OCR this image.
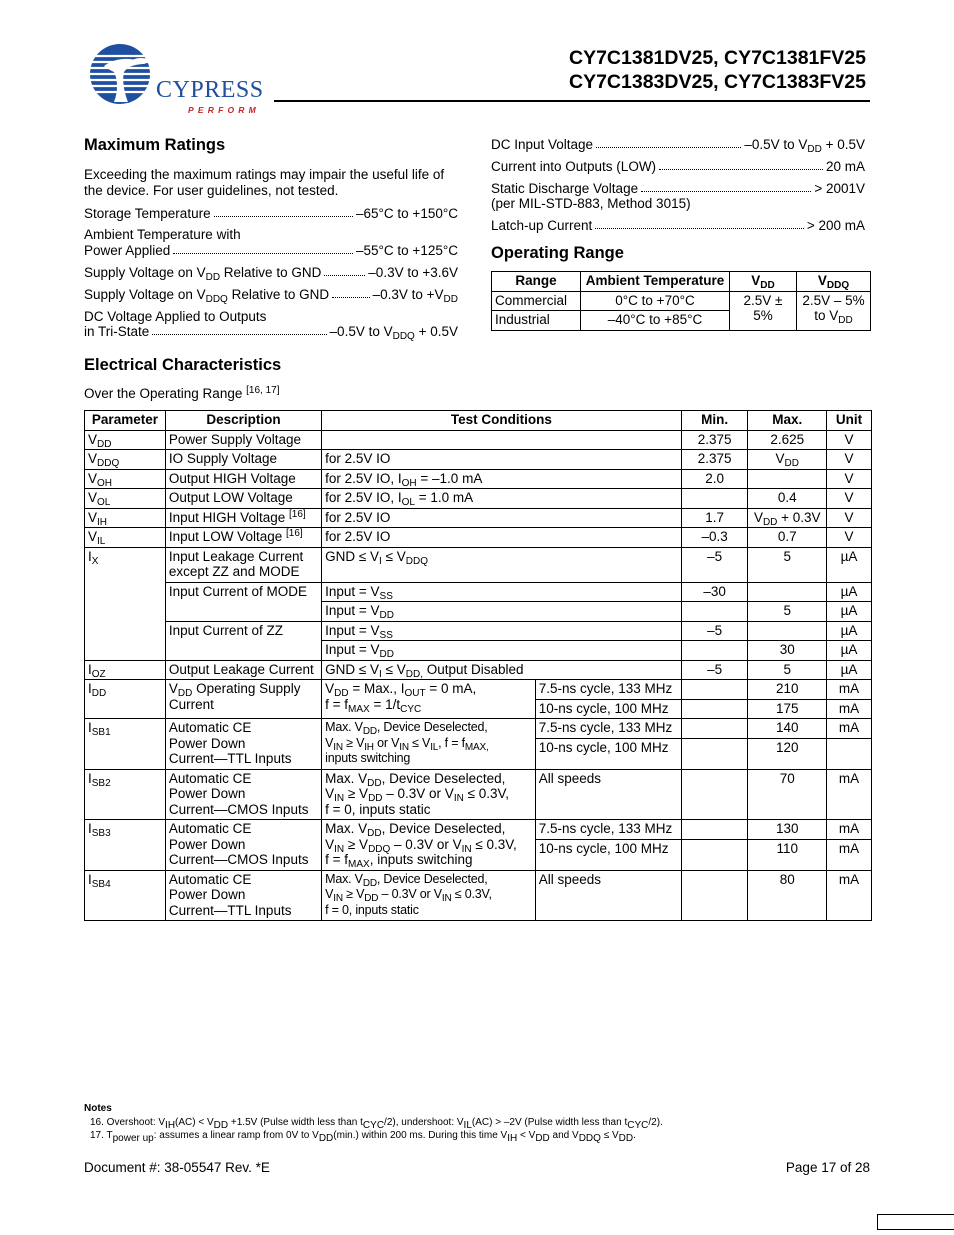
CYPRESS
PERFORM
CY7C1381DV25, CY7C1381FV25
CY7C1383DV25, CY7C1383FV25
Maximum Ratings
Exceeding the maximum ratings may impair the useful life of the device. For user guidelines, not tested.
Storage Temperature	–65°C to +150°C
Ambient Temperature with
Power Applied	–55°C to +125°C
Supply Voltage on $V_{DD}$ Relative to GND	–0.3V to +3.6V
Supply Voltage on $V_{DDQ}$ Relative to GND	–0.3V to $+V_{DD}$
DC Voltage Applied to Outputs
in Tri-State	–0.5V to $V_{DDQ} + 0.5V$
DC Input Voltage	–0.5V to $V_{DD} + 0.5V$
Current into Outputs (LOW)	20 mA
Static Discharge Voltage	> 2001V
(per MIL-STD-883, Method 3015)
Latch-up Current	> 200 mA
Operating Range
Range	Ambient Temperature	$V_{DD}$	$V_{DDQ}$
Commercial	0°C to +70°C	2.5V ± 5%	2.5V – 5%
to $V_{DD}$
Industrial	–40°C to +85°C		
Electrical Characteristics
Over the Operating Range [16, 17]
Parameter	Description	Test Conditions		Min.	Max.	Unit
$V_{DD}$	Power Supply Voltage			2.375	2.625	V
$V_{DDQ}$	IO Supply Voltage	for 2.5V IO		2.375	$V_{DD}$	V
$V_{OH}$	Output HIGH Voltage	for 2.5V IO, $I_{OH} = -1.0$ mA		2.0		V
$V_{OL}$	Output LOW Voltage	for 2.5V IO, $I_{OL} = 1.0$ mA			0.4	V
$V_{IH}$	Input HIGH Voltage [16]	for 2.5V IO		1.7	$V_{DD} + 0.3V$	V
$V_{IL}$	Input LOW Voltage [16]	for 2.5V IO		–0.3	0.7	V
$I_X$	Input Leakage Current except ZZ and MODE	GND ≤ $V_I \le V_{DDQ}$		–5	5	µA
	Input Current of MODE	Input = $V_{SS}$		–30		µA
		Input = $V_{DD}$			5	µA
	Input Current of ZZ	Input = $V_{SS}$		–5		µA
		Input = $V_{DD}$			30	µA
$I_{OZ}$	Output Leakage Current	GND ≤ $V_I \le V_{DD,}$ Output Disabled		–5	5	µA
$I_{DD}$	$V_{DD}$ Operating Supply Current	$V_{DD}$ = Max., $I_{OUT} = 0$ mA,
$f = f_{MAX} = 1/t_{CYC}$	7.5-ns cycle, 133 MHz		210	mA
			10-ns cycle, 100 MHz		175	mA
$I_{SB1}$	Automatic CE
Power Down
Current—TTL Inputs	Max. $V_{DD}$, Device Deselected,
$V_{IN} \ge V_{IH}$ or $V_{IN} \le V_{IL}$, $f = f_{MAX,}$
inputs switching	7.5-ns cycle, 133 MHz		140	mA
			10-ns cycle, 100 MHz		120	
$I_{SB2}$	Automatic CE
Power Down
Current—CMOS Inputs	Max. $V_{DD}$, Device Deselected,
$V_{IN} \ge V_{DD} - 0.3V$ or $V_{IN} \le 0.3V$,
f = 0, inputs static	All speeds		70	mA
$I_{SB3}$	Automatic CE
Power Down
Current—CMOS Inputs	Max. $V_{DD}$, Device Deselected,
$V_{IN} \ge V_{DDQ} - 0.3V$ or $V_{IN} \le 0.3V$,
$f = f_{MAX}$, inputs switching	7.5-ns cycle, 133 MHz		130	mA
			10-ns cycle, 100 MHz		110	mA
$I_{SB4}$	Automatic CE
Power Down
Current—TTL Inputs	Max. $V_{DD}$, Device Deselected,
$V_{IN} \ge V_{DD} - 0.3V$ or $V_{IN} \le 0.3V$,
f = 0, inputs static	All speeds		80	mA
Notes
16. Overshoot: $V_{IH}(AC) < V_{DD} +1.5V$ (Pulse width less than $t_{CYC}/2$), undershoot: $V_{IL}(AC) > -2V$ (Pulse width less than $t_{CYC}/2$).
17. $T_{power up}$: assumes a linear ramp from 0V to $V_{DD}(\min.)$ within 200 ms. During this time $V_{IH} < V_{DD}$ and $V_{DDQ} \le V_{DD}$.
Document #: 38-05547 Rev. *E	Page 17 of 28
